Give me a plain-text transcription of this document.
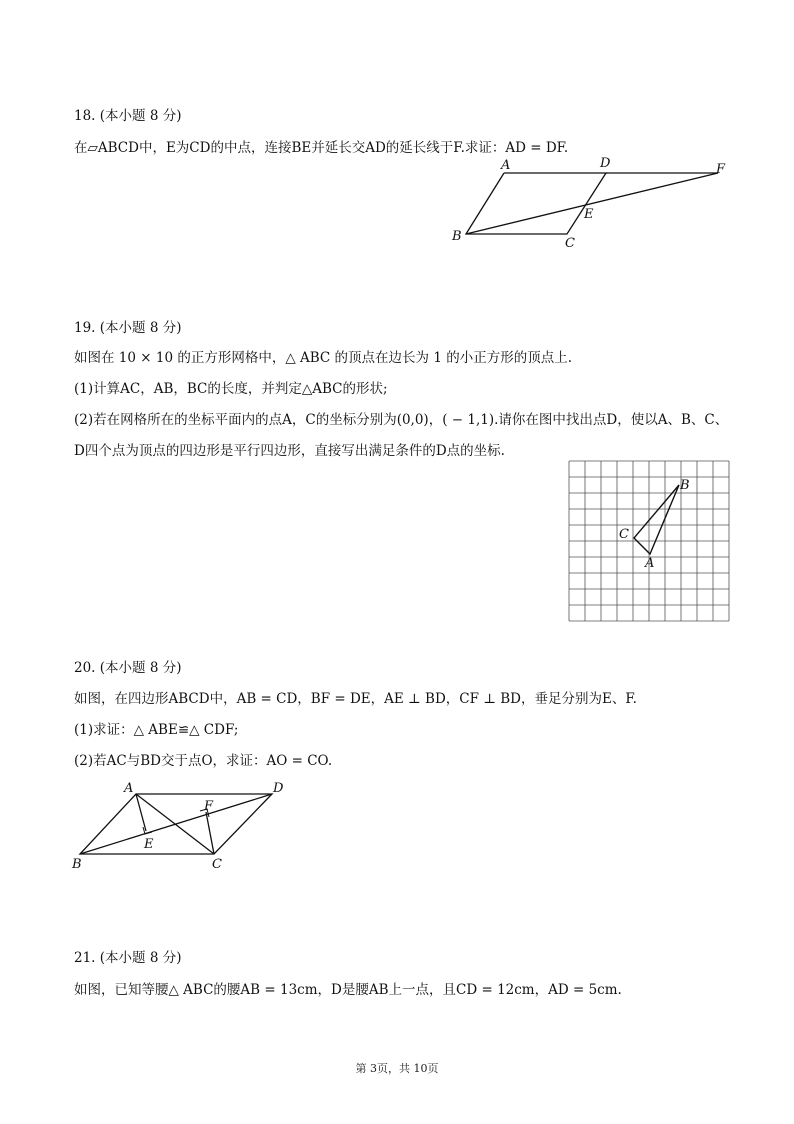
18. (本小题 8 分)
在▱ABCD中，E为CD的中点，连接BE并延长交AD的延长线于F.求证：AD = DF.
A	D	F
E
B	C
19. (本小题 8 分)
如图在 10 × 10 的正方形网格中，△ ABC 的顶点在边长为 1 的小正方形的顶点上.
(1)计算AC，AB，BC的长度，并判定△ABC的形状;
(2)若在网格所在的坐标平面内的点A，C的坐标分别为(0,0)，( − 1,1).请你在图中找出点D，使以A、B、C、
D四个点为顶点的四边形是平行四边形，直接写出满足条件的D点的坐标.
B
C
A
20. (本小题 8 分)
如图，在四边形ABCD中，AB = CD，BF = DE，AE ⊥ BD，CF ⊥ BD，垂足分别为E、F.
(1)求证：△ ABE≌△ CDF;
(2)若AC与BD交于点O，求证：AO = CO.
A	D
F
E
B	C
21. (本小题 8 分)
如图，已知等腰△ ABC的腰AB = 13cm，D是腰AB上一点，且CD = 12cm，AD = 5cm.
第 3页，共 10页
